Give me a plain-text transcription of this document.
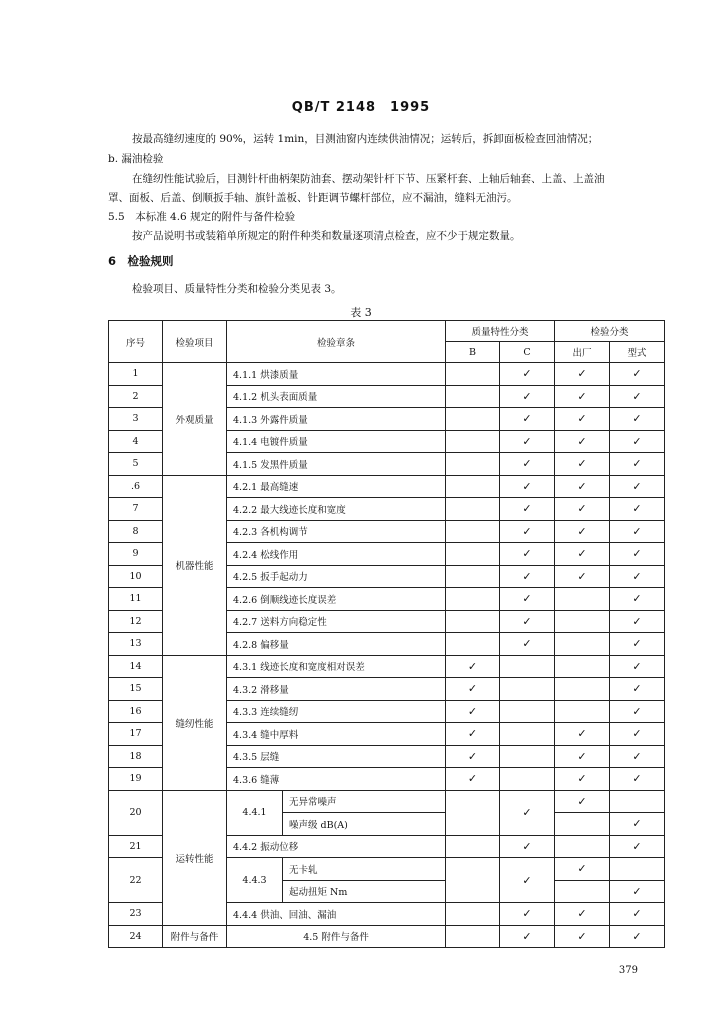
QB/T 2148　1995
按最高缝纫速度的 90%，运转 1min，目测油窗内连续供油情况；运转后，拆卸面板检查回油情况；
b. 漏油检验
在缝纫性能试验后，目测针杆曲柄架防油套、摆动架针杆下节、压紧杆套、上轴后轴套、上盖、上盖油
罩、面板、后盖、倒顺扳手轴、旗针盖板、针距调节螺杆部位，应不漏油，缝料无油污。
5.5　本标准 4.6 规定的附件与备件检验
按产品说明书或装箱单所规定的附件种类和数量逐项清点检查，应不少于规定数量。
6　检验规则
检验项目、质量特性分类和检验分类见表 3。
表 3
序号	检验项目	检验章条		质量特性分类		检验分类	
				B	C	出厂	型式
1	外观质量	4.1.1 烘漆质量			✓	✓	✓
2		4.1.2 机头表面质量			✓	✓	✓
3		4.1.3 外露件质量			✓	✓	✓
4		4.1.4 电镀件质量			✓	✓	✓
5		4.1.5 发黑件质量			✓	✓	✓
.6	机器性能	4.2.1 最高缝速			✓	✓	✓
7		4.2.2 最大线迹长度和宽度			✓	✓	✓
8		4.2.3 各机构调节			✓	✓	✓
9		4.2.4 松线作用			✓	✓	✓
10		4.2.5 扳手起动力			✓	✓	✓
11		4.2.6 倒顺线迹长度误差			✓		✓
12		4.2.7 送料方向稳定性			✓		✓
13		4.2.8 偏移量			✓		✓
14	缝纫性能	4.3.1 线迹长度和宽度相对误差		✓			✓
15		4.3.2 滑移量		✓			✓
16		4.3.3 连续缝纫		✓			✓
17		4.3.4 缝中厚料		✓		✓	✓
18		4.3.5 层缝		✓		✓	✓
19		4.3.6 缝薄		✓		✓	✓
20	运转性能	4.4.1	无异常噪声		✓	✓	
			噪声级 dB(A)				✓
21		4.4.2 振动位移			✓		✓
22		4.4.3	无卡轧		✓	✓	
			起动扭矩 Nm				✓
23		4.4.4 供油、回油、漏油			✓	✓	✓
24	附件与备件	4.5 附件与备件			✓	✓	✓
379
